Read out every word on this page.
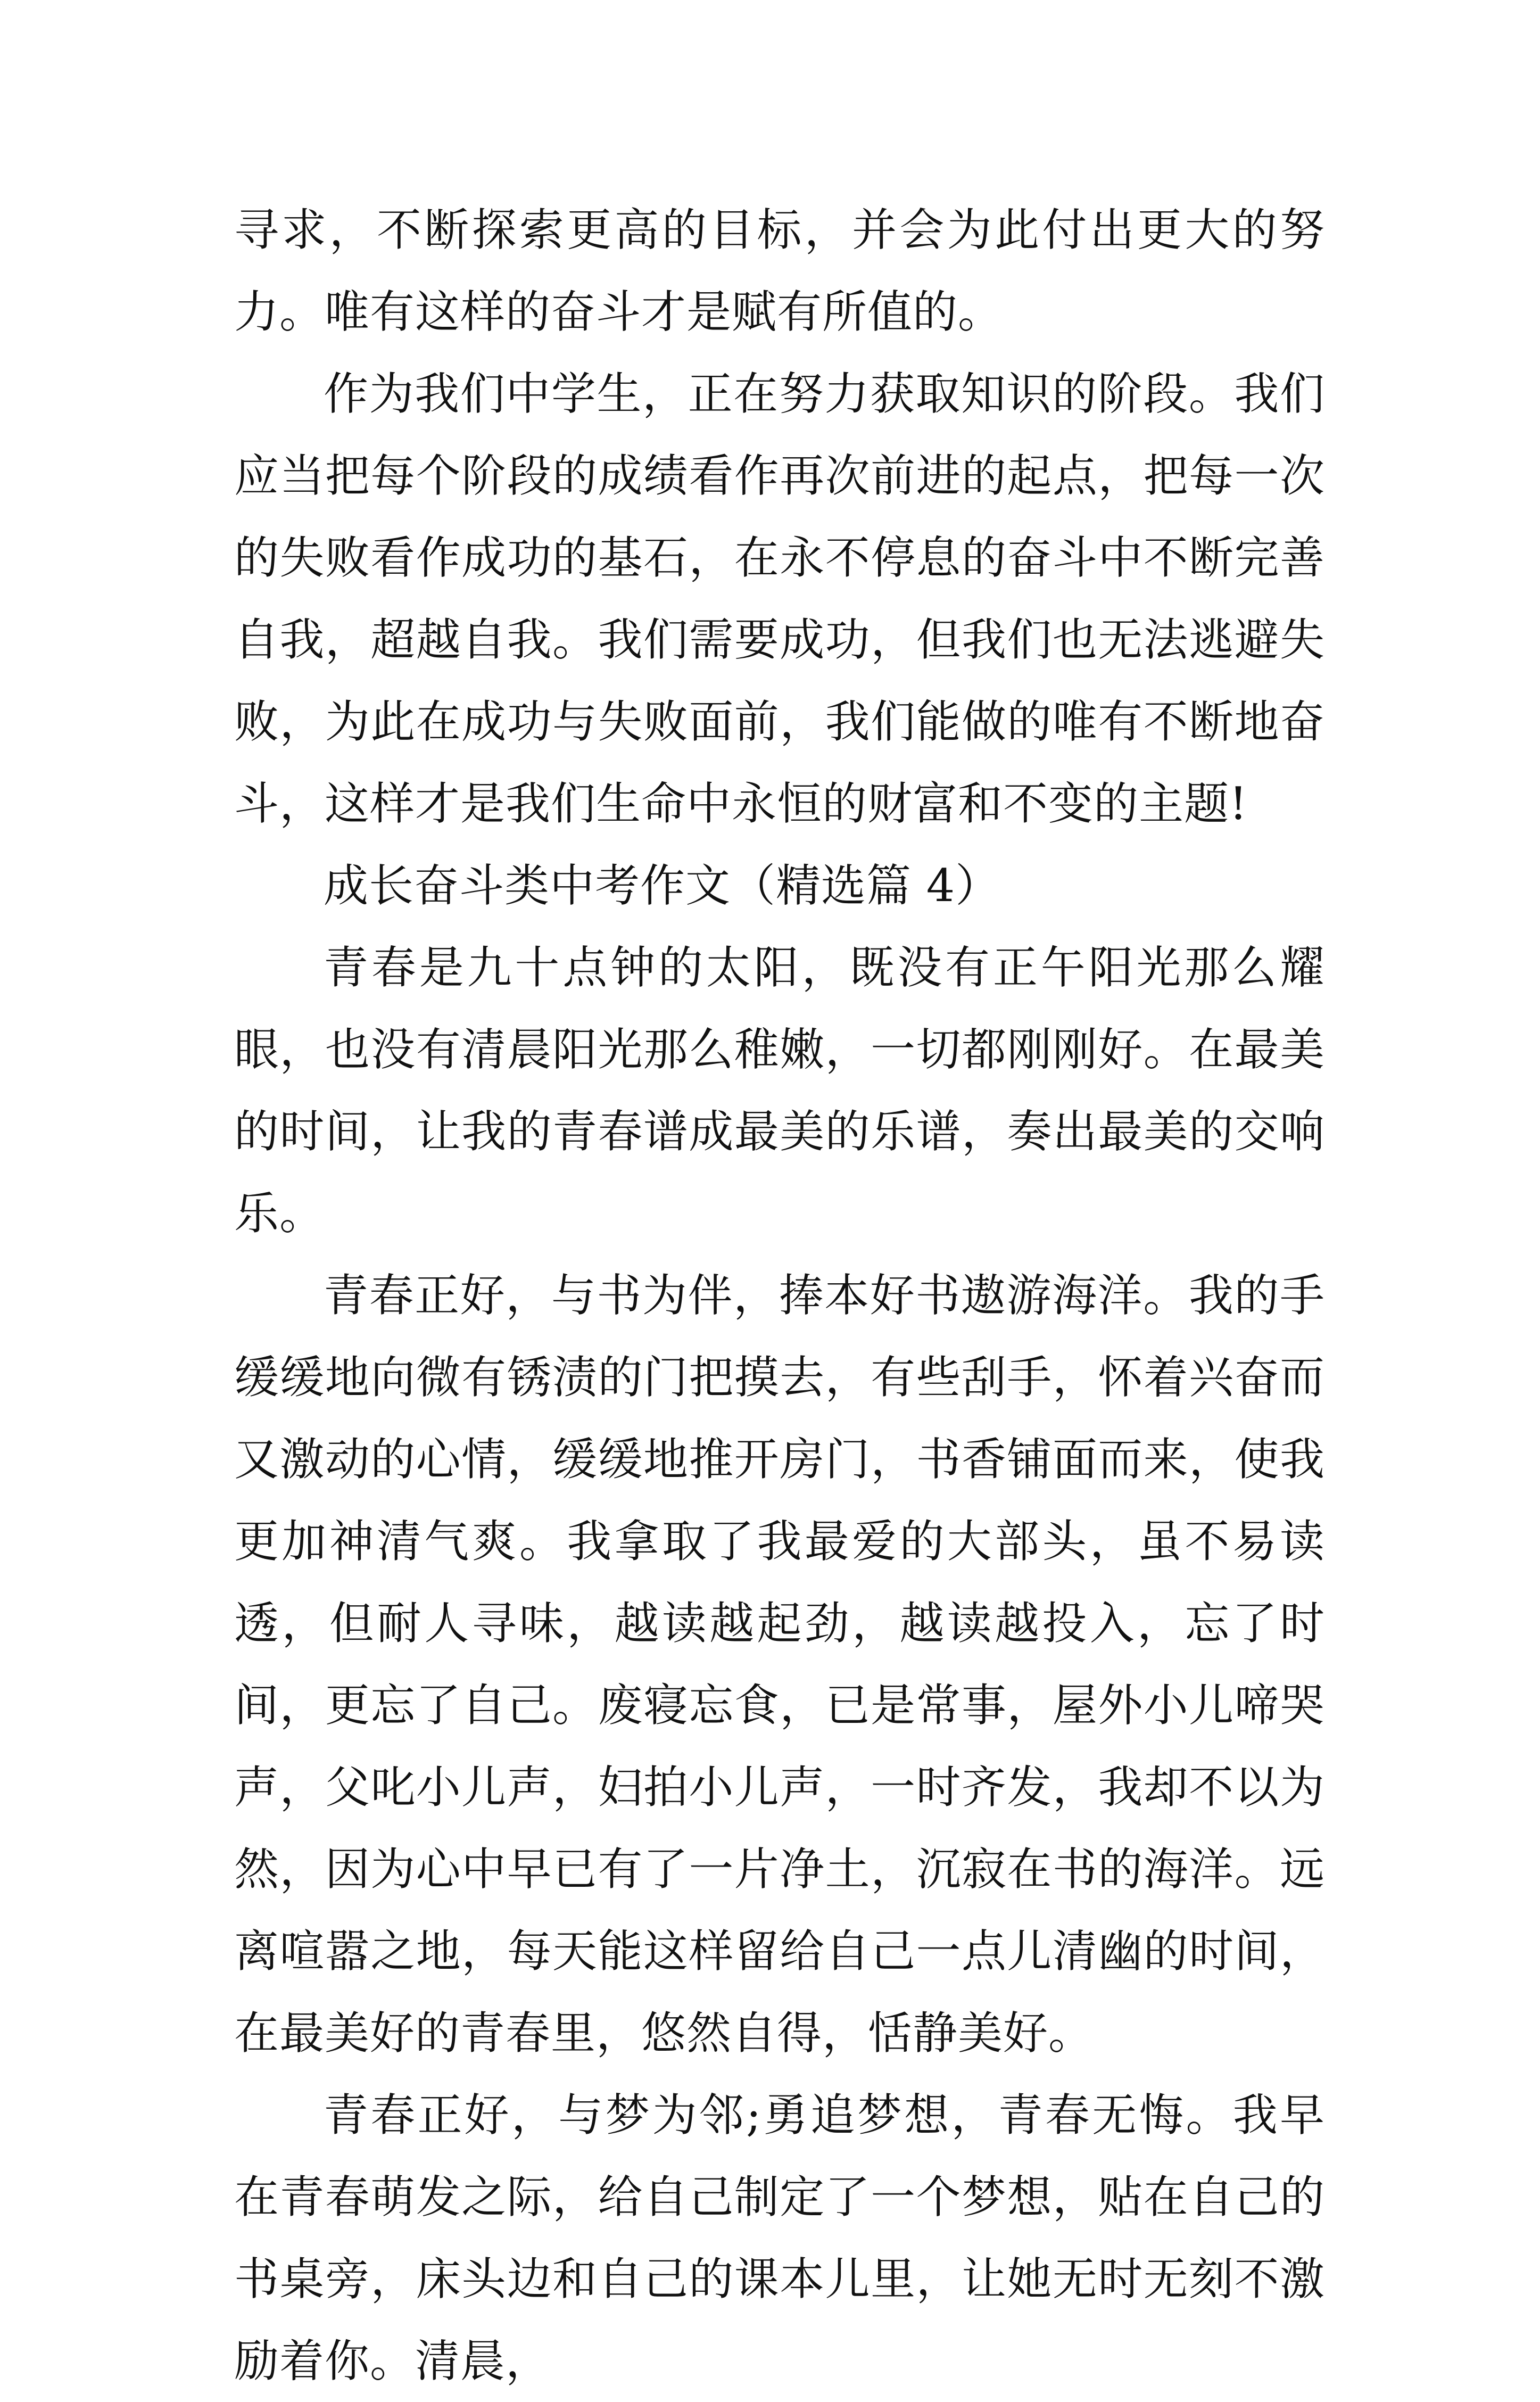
寻求，不断探索更高的目标，并会为此付出更大的努力。唯有这样的奋斗才是赋有所值的。

作为我们中学生，正在努力获取知识的阶段。我们应当把每个阶段的成绩看作再次前进的起点，把每一次的失败看作成功的基石，在永不停息的奋斗中不断完善自我，超越自我。我们需要成功，但我们也无法逃避失败，为此在成功与失败面前，我们能做的唯有不断地奋斗，这样才是我们生命中永恒的财富和不变的主题!

成长奋斗类中考作文（精选篇 4）

青春是九十点钟的太阳，既没有正午阳光那么耀眼，也没有清晨阳光那么稚嫩，一切都刚刚好。在最美的时间，让我的青春谱成最美的乐谱，奏出最美的交响乐。

青春正好，与书为伴，捧本好书遨游海洋。我的手缓缓地向微有锈渍的门把摸去，有些刮手，怀着兴奋而又激动的心情，缓缓地推开房门，书香铺面而来，使我更加神清气爽。我拿取了我最爱的大部头，虽不易读透，但耐人寻味，越读越起劲，越读越投入，忘了时间，更忘了自己。废寝忘食，已是常事，屋外小儿啼哭声，父叱小儿声，妇拍小儿声，一时齐发，我却不以为然，因为心中早已有了一片净土，沉寂在书的海洋。远离喧嚣之地，每天能这样留给自己一点儿清幽的时间，在最美好的青春里，悠然自得，恬静美好。

青春正好，与梦为邻;勇追梦想，青春无悔。我早在青春萌发之际，给自己制定了一个梦想，贴在自己的书桌旁，床头边和自己的课本儿里，让她无时无刻不激励着你。清晨，
